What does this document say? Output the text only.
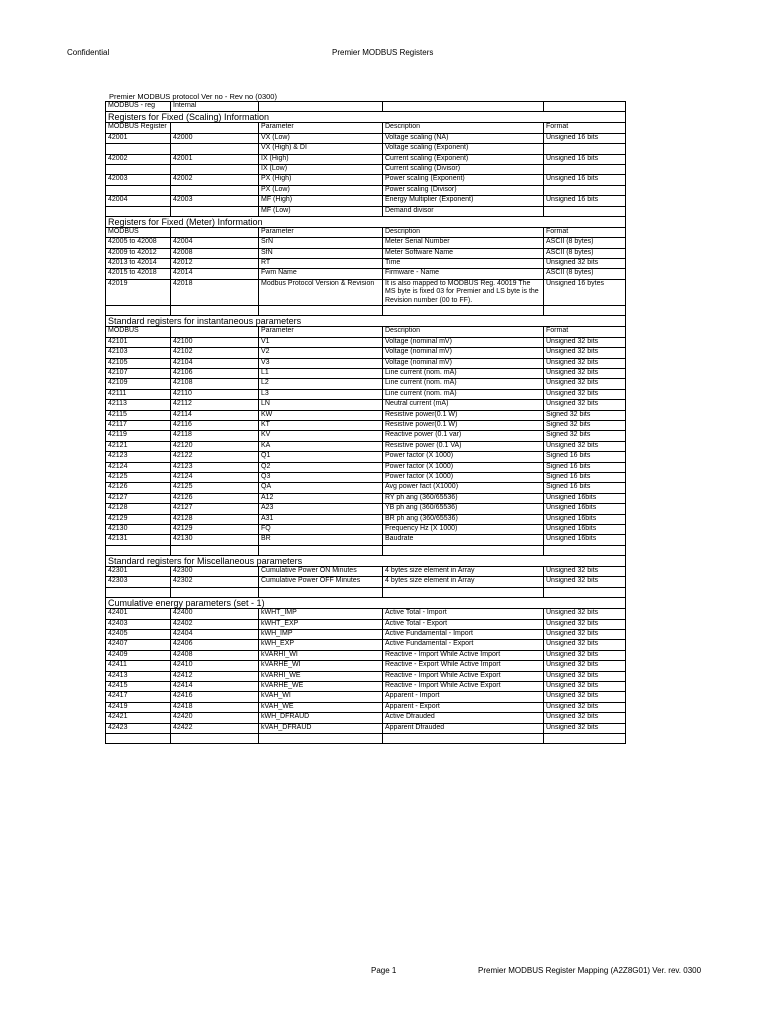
Confidential	Premier MODBUS Registers
Premier MODBUS protocol Ver no - Rev no (0300)
MODBUS - reg	Internal			
Registers for Fixed (Scaling) Information				
MODBUS Register		Parameter	Description	Format
42001	42000	VX (Low)	Voltage scaling (NA)	Unsigned 16 bits
		VX (High) & DI	Voltage scaling (Exponent)	
42002	42001	IX (High)	Current scaling (Exponent)	Unsigned 16 bits
		IX (Low)	Current scaling (Divisor)	
42003	42002	PX (High)	Power scaling (Exponent)	Unsigned 16 bits
		PX (Low)	Power scaling (Divisor)	
42004	42003	MF (High)	Energy Multiplier (Exponent)	Unsigned 16 bits
		MF (Low)	Demand divisor	
Registers for Fixed (Meter) Information				
MODBUS		Parameter	Description	Format
42005 to 42008	42004	SrN	Meter Serial Number	ASCII (8 bytes)
42009 to 42012	42008	SfN	Meter Software Name	ASCII (8 bytes)
42013 to 42014	42012	RT	Time	Unsigned 32 bits
42015 to 42018	42014	Fwm Name	Firmware - Name	ASCII (8 bytes)
42019	42018	Modbus Protocol Version & Revision	It is also mapped to MODBUS Reg. 40019 The MS byte is fixed 03 for Premier and LS byte is the Revision number (00 to FF).	Unsigned 16 bytes

Standard registers for instantaneous parameters				
MODBUS		Parameter	Description	Format
42101	42100	V1	Voltage (nominal mV)	Unsigned 32 bits
42103	42102	V2	Voltage (nominal mV)	Unsigned 32 bits
42105	42104	V3	Voltage (nominal mV)	Unsigned 32 bits
42107	42106	L1	Line current (nom. mA)	Unsigned 32 bits
42109	42108	L2	Line current (nom. mA)	Unsigned 32 bits
42111	42110	L3	Line current (nom. mA)	Unsigned 32 bits
42113	42112	LN	Neutral current (mA)	Unsigned 32 bits
42115	42114	KW	Resistive power(0.1 W)	Signed 32 bits
42117	42116	KT	Resistive power(0.1 W)	Signed 32 bits
42119	42118	KV	Reactive power (0.1 var)	Signed 32 bits
42121	42120	KA	Resistive power (0.1 VA)	Unsigned 32 bits
42123	42122	Q1	Power factor (X 1000)	Signed 16 bits
42124	42123	Q2	Power factor (X 1000)	Signed 16 bits
42125	42124	Q3	Power factor (X 1000)	Signed 16 bits
42126	42125	QA	Avg power fact (X1000)	Signed 16 bits
42127	42126	A12	RY ph ang (360/65536)	Unsigned 16bits
42128	42127	A23	YB ph ang (360/65536)	Unsigned 16bits
42129	42128	A31	BR ph ang (360/65536)	Unsigned 16bits
42130	42129	FQ	Frequency Hz (X 1000)	Unsigned 16bits
42131	42130	BR	Baudrate	Unsigned 16bits

Standard registers for Miscellaneous parameters				
42301	42300	Cumulative Power ON Minutes	4 bytes size element in Array	Unsigned 32 bits
42303	42302	Cumulative Power OFF Minutes	4 bytes size element in Array	Unsigned 32 bits

Cumulative energy parameters (set - 1)				
42401	42400	kWHT_IMP	Active Total - Import	Unsigned 32 bits
42403	42402	kWHT_EXP	Active Total - Export	Unsigned 32 bits
42405	42404	kWH_IMP	Active Fundamental - Import	Unsigned 32 bits
42407	42406	kWH_EXP	Active Fundamental - Export	Unsigned 32 bits
42409	42408	kVARHI_WI	Reactive - Import While Active Import	Unsigned 32 bits
42411	42410	kVARHE_WI	Reactive - Export While Active Import	Unsigned 32 bits
42413	42412	kVARHI_WE	Reactive - Import While Active Export	Unsigned 32 bits
42415	42414	kVARHE_WE	Reactive - Import While Active Export	Unsigned 32 bits
42417	42416	kVAH_WI	Apparent - Import	Unsigned 32 bits
42419	42418	kVAH_WE	Apparent - Export	Unsigned 32 bits
42421	42420	kWH_DFRAUD	Active Dfrauded	Unsigned 32 bits
42423	42422	kVAH_DFRAUD	Apparent Dfrauded	Unsigned 32 bits

Page 1	Premier MODBUS Register Mapping (A2Z8G01) Ver. rev. 0300
